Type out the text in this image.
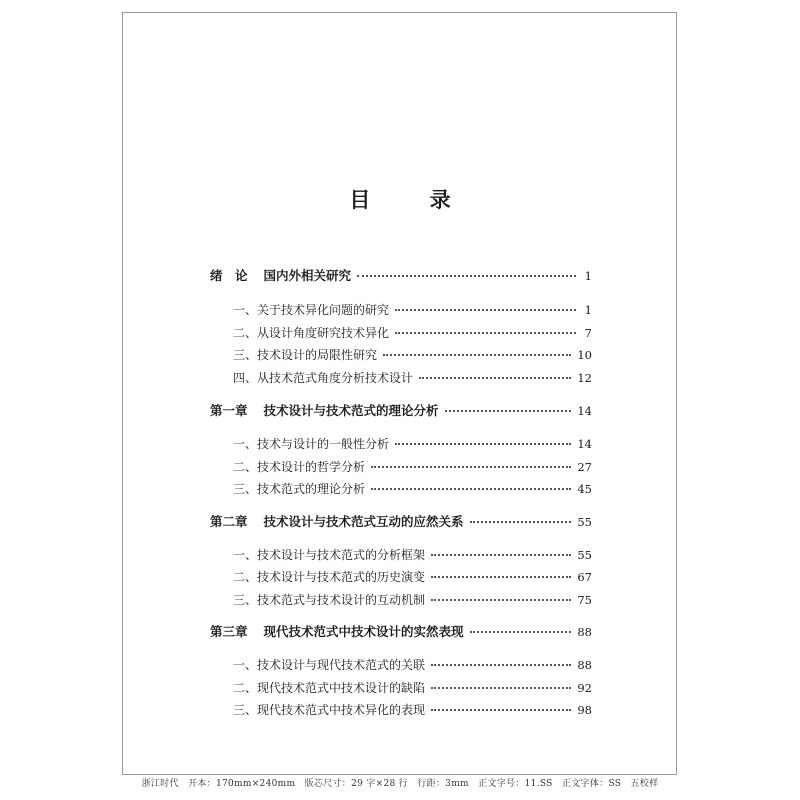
目 录
绪　论 国内外相关研究	1
一、关于技术异化问题的研究	1
二、从设计角度研究技术异化	7
三、技术设计的局限性研究	10
四、从技术范式角度分析技术设计	12
第一章 技术设计与技术范式的理论分析	14
一、技术与设计的一般性分析	14
二、技术设计的哲学分析	27
三、技术范式的理论分析	45
第二章 技术设计与技术范式互动的应然关系	55
一、技术设计与技术范式的分析框架	55
二、技术设计与技术范式的历史演变	67
三、技术范式与技术设计的互动机制	75
第三章 现代技术范式中技术设计的实然表现	88
一、技术设计与现代技术范式的关联	88
二、现代技术范式中技术设计的缺陷	92
三、现代技术范式中技术异化的表现	98
浙江时代　开本：170mm×240mm　版芯尺寸：29 字×28 行　行距：3mm　正文字号：11.SS　正文字体：SS　五校样
